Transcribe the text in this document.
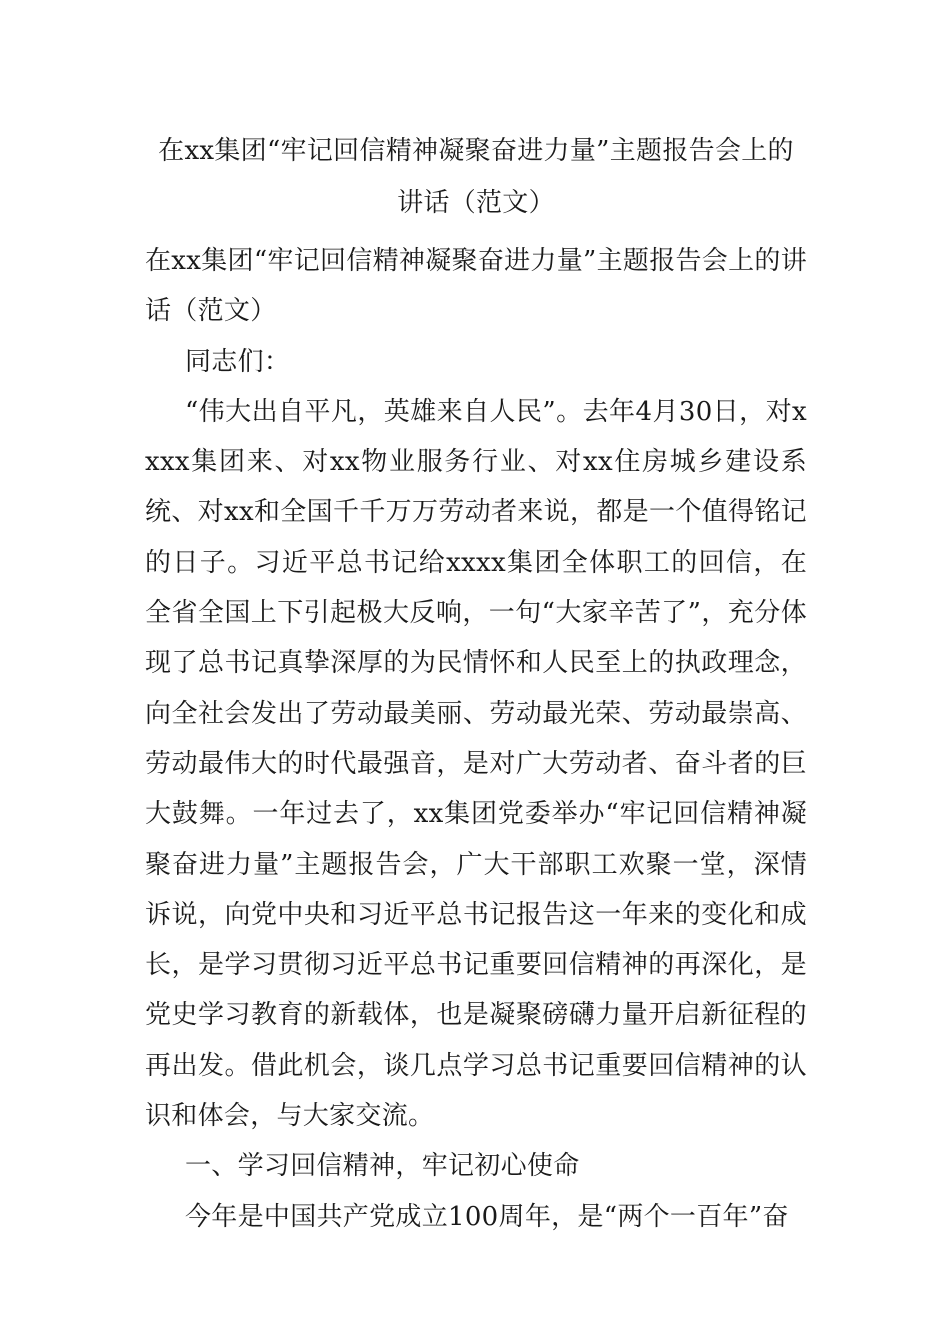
在xx集团“牢记回信精神凝聚奋进力量”主题报告会上的
讲话（范文）

在xx集团“牢记回信精神凝聚奋进力量”主题报告会上的讲话（范文）

同志们：

“伟大出自平凡，英雄来自人民”。去年4月30日，对xxxx集团来、对xx物业服务行业、对xx住房城乡建设系统、对xx和全国千千万万劳动者来说，都是一个值得铭记的日子。习近平总书记给xxxx集团全体职工的回信，在全省全国上下引起极大反响，一句“大家辛苦了”，充分体现了总书记真挚深厚的为民情怀和人民至上的执政理念，向全社会发出了劳动最美丽、劳动最光荣、劳动最崇高、劳动最伟大的时代最强音，是对广大劳动者、奋斗者的巨大鼓舞。一年过去了，xx集团党委举办“牢记回信精神凝聚奋进力量”主题报告会，广大干部职工欢聚一堂，深情诉说，向党中央和习近平总书记报告这一年来的变化和成长，是学习贯彻习近平总书记重要回信精神的再深化，是党史学习教育的新载体，也是凝聚磅礴力量开启新征程的再出发。借此机会，谈几点学习总书记重要回信精神的认识和体会，与大家交流。

一、学习回信精神，牢记初心使命

今年是中国共产党成立100周年，是“两个一百年”奋
